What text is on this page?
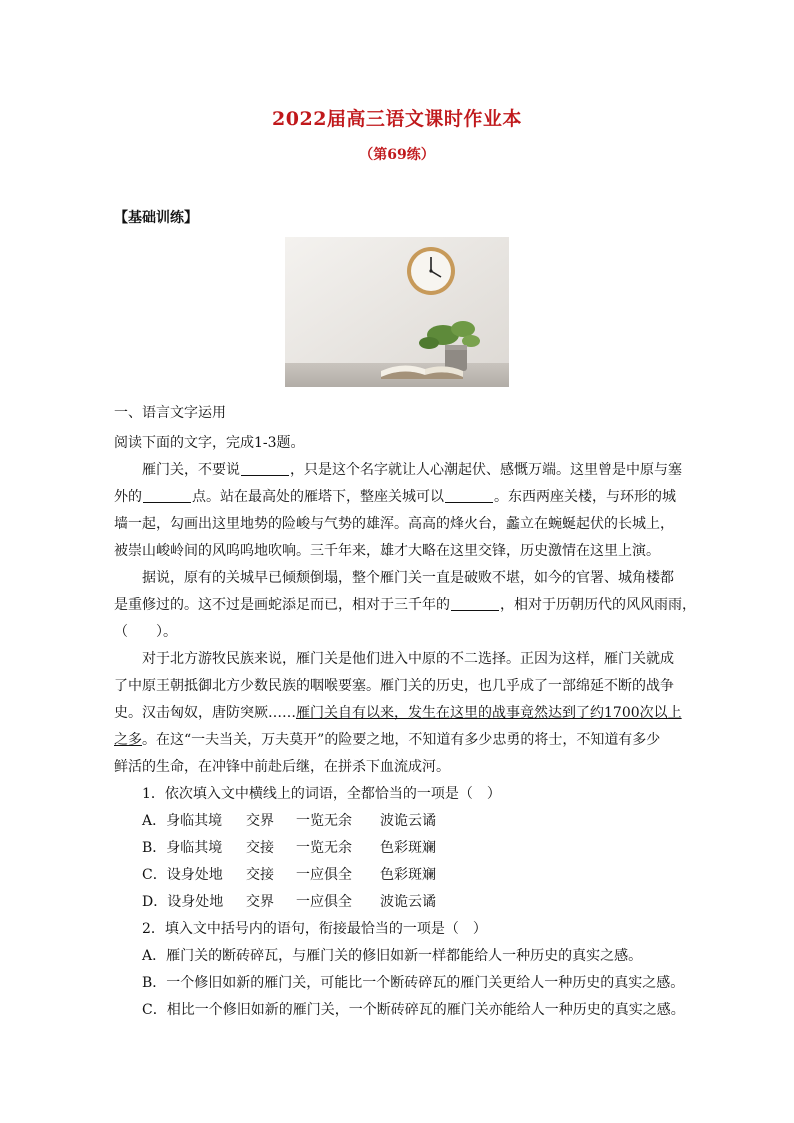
2022届高三语文课时作业本
（第69练）
【基础训练】
一、语言文字运用
阅读下面的文字，完成1-3题。
雁门关，不要说	，只是这个名字就让人心潮起伏、感慨万端。这里曾是中原与塞
外的	点。站在最高处的雁塔下，整座关城可以	。东西两座关楼，与环形的城
墙一起，勾画出这里地势的险峻与气势的雄浑。高高的烽火台，蠡立在蜿蜒起伏的长城上，
被崇山峻岭间的风呜呜地吹响。三千年来，雄才大略在这里交锋，历史激情在这里上演。
据说，原有的关城早已倾颓倒塌，整个雁门关一直是破败不堪，如今的官署、城角楼都
是重修过的。这不过是画蛇添足而已，相对于三千年的	，相对于历朝历代的风风雨雨，
（　　）。
对于北方游牧民族来说，雁门关是他们进入中原的不二选择。正因为这样，雁门关就成
了中原王朝抵御北方少数民族的咽喉要塞。雁门关的历史，也几乎成了一部绵延不断的战争
史。汉击匈奴，唐防突厥……雁门关自有以来，发生在这里的战事竟然达到了约1700次以上
之多。在这“一夫当关，万夫莫开”的险要之地，不知道有多少忠勇的将士，不知道有多少
鲜活的生命，在冲锋中前赴后继，在拼杀下血流成河。
1．依次填入文中横线上的词语，全都恰当的一项是（　）
A．身临其境	交界	一览无余	波诡云谲
B．身临其境	交接	一览无余	色彩斑斓
C．设身处地	交接	一应俱全	色彩斑斓
D．设身处地	交界	一应俱全	波诡云谲
2．填入文中括号内的语句，衔接最恰当的一项是（　）
A．雁门关的断砖碎瓦，与雁门关的修旧如新一样都能给人一种历史的真实之感。
B．一个修旧如新的雁门关，可能比一个断砖碎瓦的雁门关更给人一种历史的真实之感。
C．相比一个修旧如新的雁门关，一个断砖碎瓦的雁门关亦能给人一种历史的真实之感。
